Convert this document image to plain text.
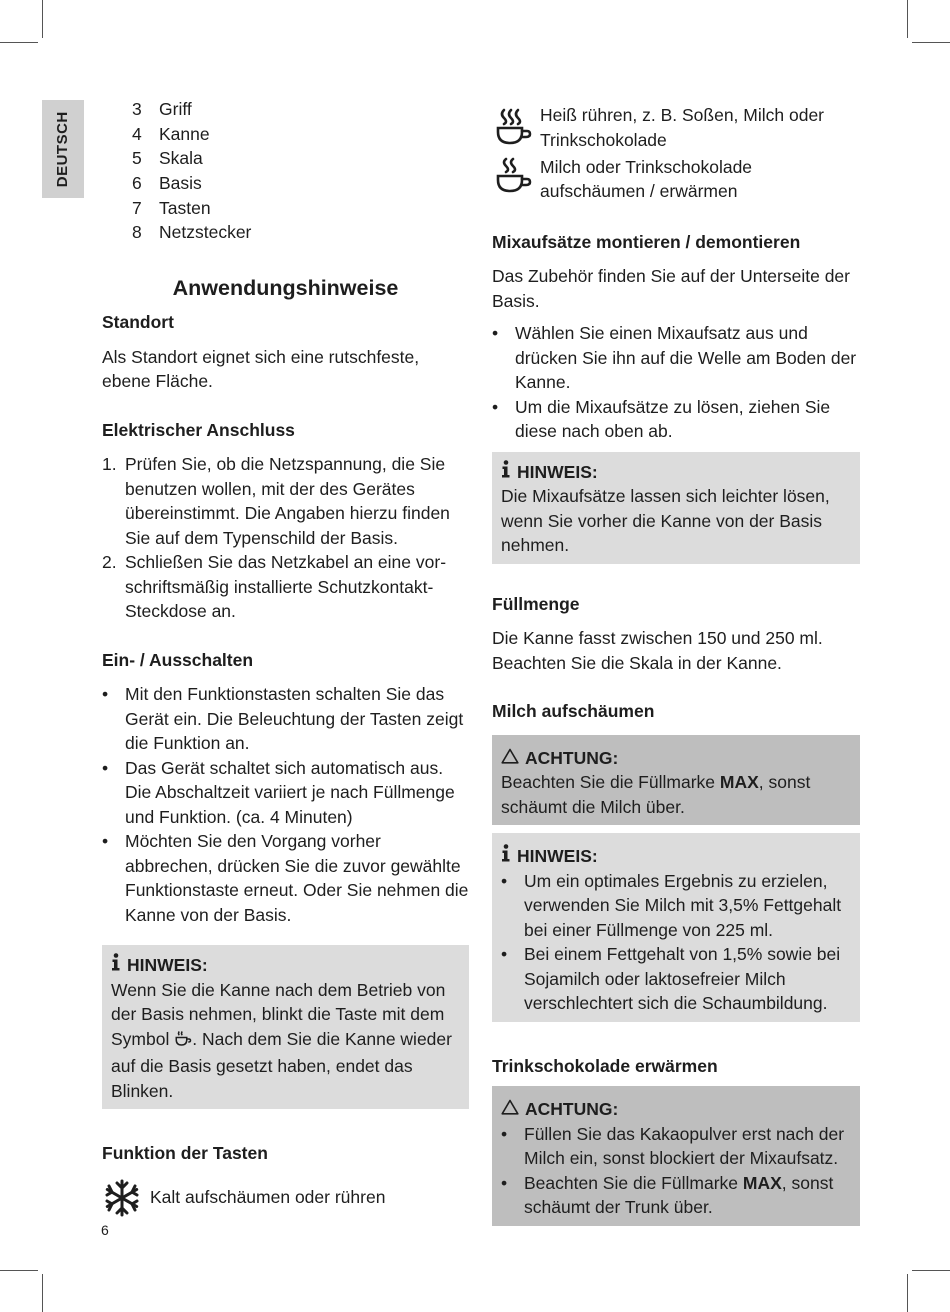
DEUTSCH
3 Griff
4 Kanne
5 Skala
6 Basis
7 Tasten
8 Netzstecker
Anwendungshinweise
Standort
Als Standort eignet sich eine rutschfeste, ebene Fläche.
Elektrischer Anschluss
1. Prüfen Sie, ob die Netzspannung, die Sie benutzen wollen, mit der des Gerätes übereinstimmt. Die Angaben hierzu finden Sie auf dem Typenschild der Basis.
2. Schließen Sie das Netzkabel an eine vorschriftsmäßig installierte Schutzkontakt-Steckdose an.
Ein- / Ausschalten
•
Mit den Funktionstasten schalten Sie das Gerät ein. Die Beleuchtung der Tasten zeigt die Funktion an.
•
Das Gerät schaltet sich automatisch aus. Die Abschaltzeit variiert je nach Füllmenge und Funktion. (ca. 4 Minuten)
•
Möchten Sie den Vorgang vorher abbrechen, drücken Sie die zuvor gewählte Funktionstaste erneut. Oder Sie nehmen die Kanne von der Basis.
HINWEIS:
Wenn Sie die Kanne nach dem Betrieb von der Basis nehmen, blinkt die Taste mit dem Symbol . Nach dem Sie die Kanne wieder auf die Basis gesetzt haben, endet das Blinken.
Funktion der Tasten
Kalt aufschäumen oder rühren
Heiß rühren, z. B. Soßen, Milch oder Trinkschokolade
Milch oder Trinkschokolade aufschäumen / erwärmen
Mixaufsätze montieren / demontieren
Das Zubehör finden Sie auf der Unterseite der Basis.
•
Wählen Sie einen Mixaufsatz aus und drücken Sie ihn auf die Welle am Boden der Kanne.
•
Um die Mixaufsätze zu lösen, ziehen Sie diese nach oben ab.
HINWEIS:
Die Mixaufsätze lassen sich leichter lösen, wenn Sie vorher die Kanne von der Basis nehmen.
Füllmenge
Die Kanne fasst zwischen 150 und 250 ml. Beachten Sie die Skala in der Kanne.
Milch aufschäumen
ACHTUNG:
Beachten Sie die Füllmarke MAX, sonst schäumt die Milch über.
HINWEIS:
•
Um ein optimales Ergebnis zu erzielen, verwenden Sie Milch mit 3,5% Fettgehalt bei einer Füllmenge von 225 ml.
•
Bei einem Fettgehalt von 1,5% sowie bei Sojamilch oder laktosefreier Milch verschlechtert sich die Schaumbildung.
Trinkschokolade erwärmen
ACHTUNG:
•
Füllen Sie das Kakaopulver erst nach der Milch ein, sonst blockiert der Mixaufsatz.
•
Beachten Sie die Füllmarke MAX, sonst schäumt der Trunk über.
6
